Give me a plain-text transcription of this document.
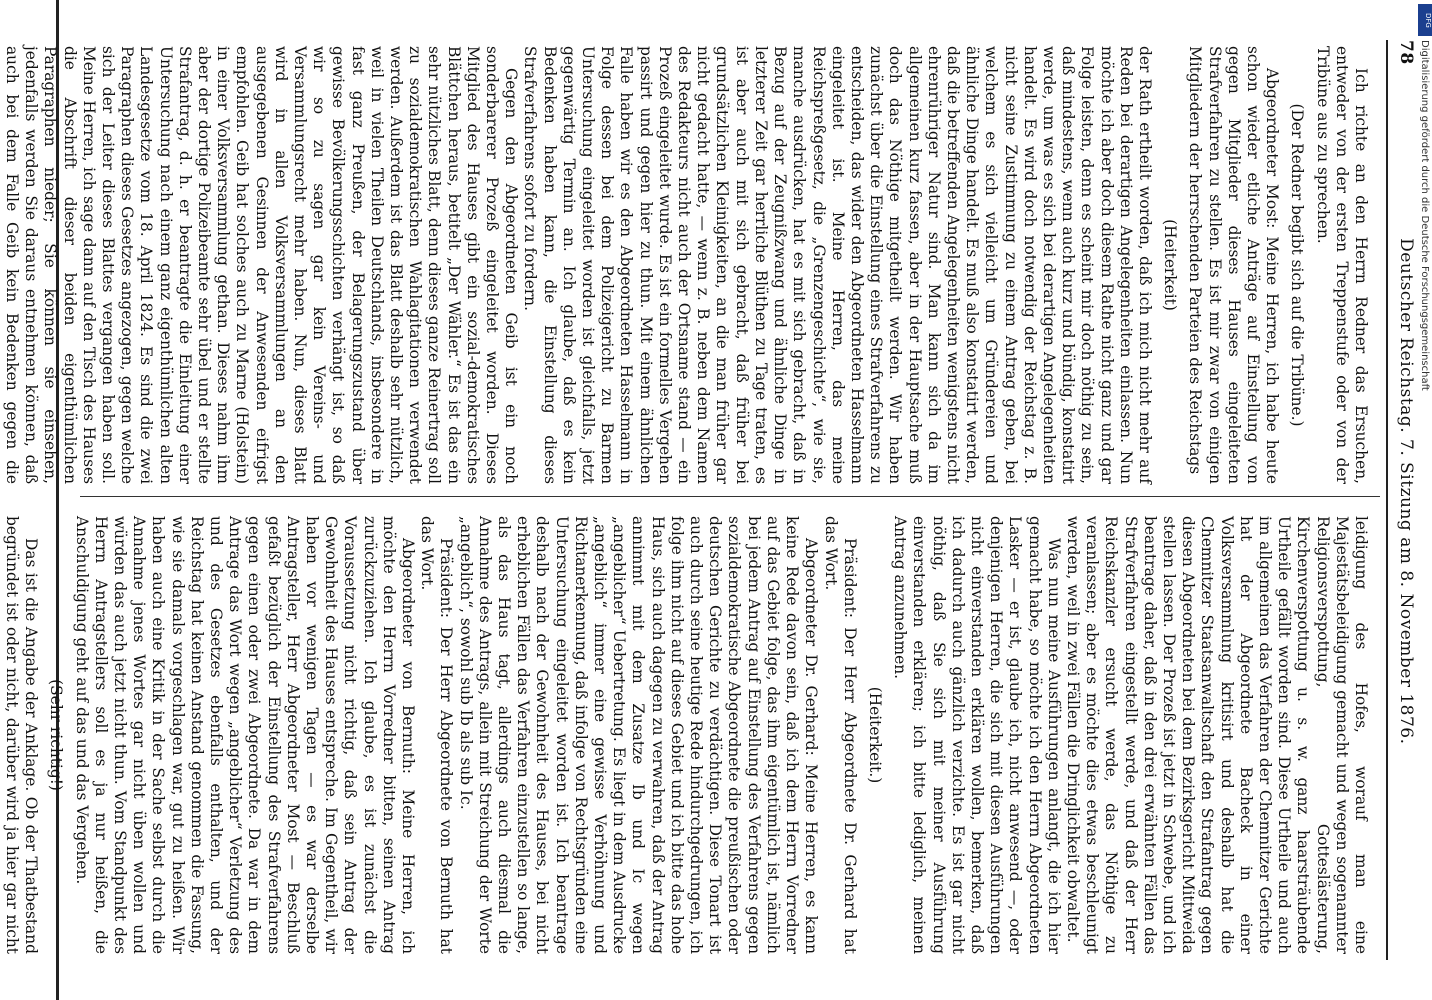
78
Deutscher Reichstag. 7. Sitzung am 8. November 1876.

Ich richte an den Herrn Redner das Ersuchen, entweder von der ersten Treppenstufe oder von der Tribüne aus zu sprechen.

(Der Redner begibt sich auf die Tribüne.)

Abgeordneter Most: Meine Herren, ich habe heute schon wieder etliche Anträge auf Einstellung von gegen Mitglieder dieses Hauses eingeleiteten Strafverfahren zu stellen. Es ist mir zwar von einigen Mitgliedern der herrschenden Parteien des Reichstags

(Heiterkeit)

der Rath ertheilt worden, daß ich mich nicht mehr auf Reden bei derartigen Angelegenheiten einlassen. Nun möchte ich aber doch diesem Rathe nicht ganz und gar Folge leisten, denn es scheint mir doch nöthig zu sein, daß mindestens, wenn auch kurz und bündig, konstatirt werde, um was es sich bei derartigen Angelegenheiten handelt. Es wird doch notwendig der Reichstag z. B. nicht seine Zustimmung zu einem Antrag geben, bei welchem es sich vielleicht um Gründereien und ähnliche Dinge handelt. Es muß also konstatirt werden, daß die betreffenden Angelegenheiten wenigstens nicht ehrenrühriger Natur sind. Man kann sich da im allgemeinen kurz fassen, aber in der Hauptsache muß doch das Nöthige mitgetheilt werden. Wir haben zunächst über die Einstellung eines Strafverfahrens zu entscheiden, das wider den Abgeordneten Hasselmann eingeleitet ist. Meine Herren, das meine Reichspreßgesetz, die „Grenzengeschichte“, wie sie, manche ausdrücken, hat es mit sich gebracht, daß in Bezug auf der Zeugnißzwang und ähnliche Dinge in letzterer Zeit gar herrliche Blüthen zu Tage traten, es ist aber auch mit sich gebracht, daß früher bei grundsätzlichen Kleinigkeiten, an die man früher gar nicht gedacht hatte, — wenn z. B. neben dem Namen des Redakteurs nicht auch der Ortsname stand — ein Prozeß eingeleitet wurde. Es ist ein formelles Vergehen passirt und gegen hier zu thun. Mit einem ähnlichen Falle haben wir es den Abgeordneten Hasselmann in Folge dessen bei dem Polizeigericht zu Barmen Untersuchung eingeleitet worden ist gleichfalls, jetzt gegenwärtig Termin an. Ich glaube, daß es kein Bedenken haben kann, die Einstellung dieses Strafverfahrens sofort zu fordern.

Gegen den Abgeordneten Geib ist ein noch sonderbarerer Prozeß eingeleitet worden. Dieses Mitglied des Hauses gibt ein sozial-demokratisches Blättchen heraus, betitelt „Der Wähler.“ Es ist das ein sehr nützliches Blatt, denn dieses ganze Reinertrag soll zu sozialdemokratischen Wahlagitationen verwendet werden. Außerdem ist das Blatt deshalb sehr nützlich, weil in vielen Theilen Deutschlands, insbesondere in fast ganz Preußen, der Belagerungszustand über gewisse Bevölkerungsschichten verhängt ist, so daß wir so zu sagen gar kein Vereins- und Versammlungsrecht mehr haben. Nun, dieses Blatt wird in allen Volksversammlungen an den ausgegebenen Gesinnen der Anwesenden eifrigst empfohlen. Geib hat solches auch zu Marne (Holstein) in einer Volksversammlung gethan. Dieses nahm ihm aber der dortige Polizeibeamte sehr übel und er stellte Strafantrag, d. h. er beantragte die Einleitung einer Untersuchung nach einem ganz eigenthümlichen alten Landesgesetze vom 18. April 1824. Es sind die zwei Paragraphen dieses Gesetzes angezogen, gegen welche sich der Leiter dieses Blattes vergangen haben soll. Meine Herren, ich sage dann auf den Tisch des Hauses die Abschrift dieser beiden eigenthümlichen Paragraphen nieder; Sie können sie einsehen, jedenfalls werden Sie daraus entnehmen können, daß auch bei dem Falle Geib kein Bedenken gegen die

leidigung des Hofes, worauf man eine Majestätsbeleidigung gemacht und wegen sogenannter Religionsverspottung, Gotteslästerung, Kirchenverspottung u. s. w. ganz haarsträubende Urtheile gefällt worden sind. Diese Urtheile und auch im allgemeinen das Verfahren der Chemnitzer Gerichte hat der Abgeordnete Bacheck in einer Volksversammlung kritisirt und deshalb hat die Chemnitzer Staatsanwaltschaft den Strafantrag gegen diesen Abgeordneten bei dem Bezirksgericht Mittweida stellen lassen. Der Prozeß ist jetzt in Schwebe, und ich beantrage daher, daß in den drei erwähnten Fällen das Strafverfahren eingestellt werde, und daß der Herr Reichskanzler ersucht werde, das Nöthige zu veranlassen; aber es möchte dies etwas beschleunigt werden, weil in zwei Fällen die Dringlichkeit obwaltet.

Was nun meine Ausführungen anlangt, die ich hier gemacht habe, so möchte ich den Herrn Abgeordneten Lasker — er ist, glaube ich, nicht anwesend —, oder denjenigen Herren, die sich mit diesen Ausführungen nicht einverstanden erklären wollen, bemerken, daß ich dadurch auch gänzlich verzichte. Es ist gar nicht nöthig, daß Sie sich mit meiner Ausführung einverstanden erklären; ich bitte lediglich, meinen Antrag anzunehmen.

(Heiterkeit.)

Präsident: Der Herr Abgeordnete Dr. Gerhard hat das Wort.

Abgeordneter Dr. Gerhard: Meine Herren, es kann keine Rede davon sein, daß ich dem Herrn Vorredner auf das Gebiet folge, das ihm eigentümlich ist, nämlich bei jedem Antrag auf Einstellung des Verfahrens gegen sozialdemokratische Abgeordnete die preußischen oder deutschen Gerichte zu verdächtigen. Diese Tonart ist auch durch seine heutige Rede hindurchgedrungen, ich folge ihm nicht auf dieses Gebiet und ich bitte das hohe Haus, sich auch dagegen zu verwahren, daß der Antrag annimmt mit dem Zusatze Ib und Ic wegen „angeblicher“ Uebertretung. Es liegt in dem Ausdrucke „angeblich“ immer eine gewisse Verhöhnung und Richtanerkennung, daß infolge von Rechtsgründen eine Untersuchung eingeleitet worden ist. Ich beantrage deshalb nach der Gewohnheit des Hauses, bei nicht erheblichen Fällen das Verfahren einzustellen so lange, als das Haus tagt, allerdings auch diesmal die Annahme des Antrags, allein mit Streichung der Worte „angeblich“, sowohl sub Ib als sub Ic.

Präsident: Der Herr Abgeordnete von Bernuth hat das Wort.

Abgeordneter von Bernuth: Meine Herren, ich möchte den Herrn Vorredner bitten, seinen Antrag zurückzuziehen. Ich glaube, es ist zunächst die Voraussetzung nicht richtig, daß sein Antrag der Gewohnheit des Hauses entspreche. Im Gegentheil, wir haben vor wenigen Tagen — es war derselbe Antragsteller, Herr Abgeordneter Most — Beschluß gefaßt bezüglich der Einstellung des Strafverfahrens gegen einen oder zwei Abgeordnete. Da war in dem Antrage das Wort wegen „angeblicher“ Verletzung des und des Gesetzes ebenfalls enthalten, und der Reichstag hat keinen Anstand genommen die Fassung, wie sie damals vorgeschlagen war, gut zu heißen. Wir haben auch eine Kritik in der Sache selbst durch die Annahme jenes Wortes gar nicht üben wollen und würden das auch jetzt nicht thun. Vom Standpunkt des Herrn Antragstellers soll es ja nur heißen, die Anschuldigung geht auf das und das Vergehen.

(Sehr richtig!)

Das ist die Angabe der Anklage. Ob der Thatbestand begründet ist oder nicht, darüber wird ja hier gar nicht

DFG
Digitalisierung gefördert durch die Deutsche Forschungsgemeinschaft
